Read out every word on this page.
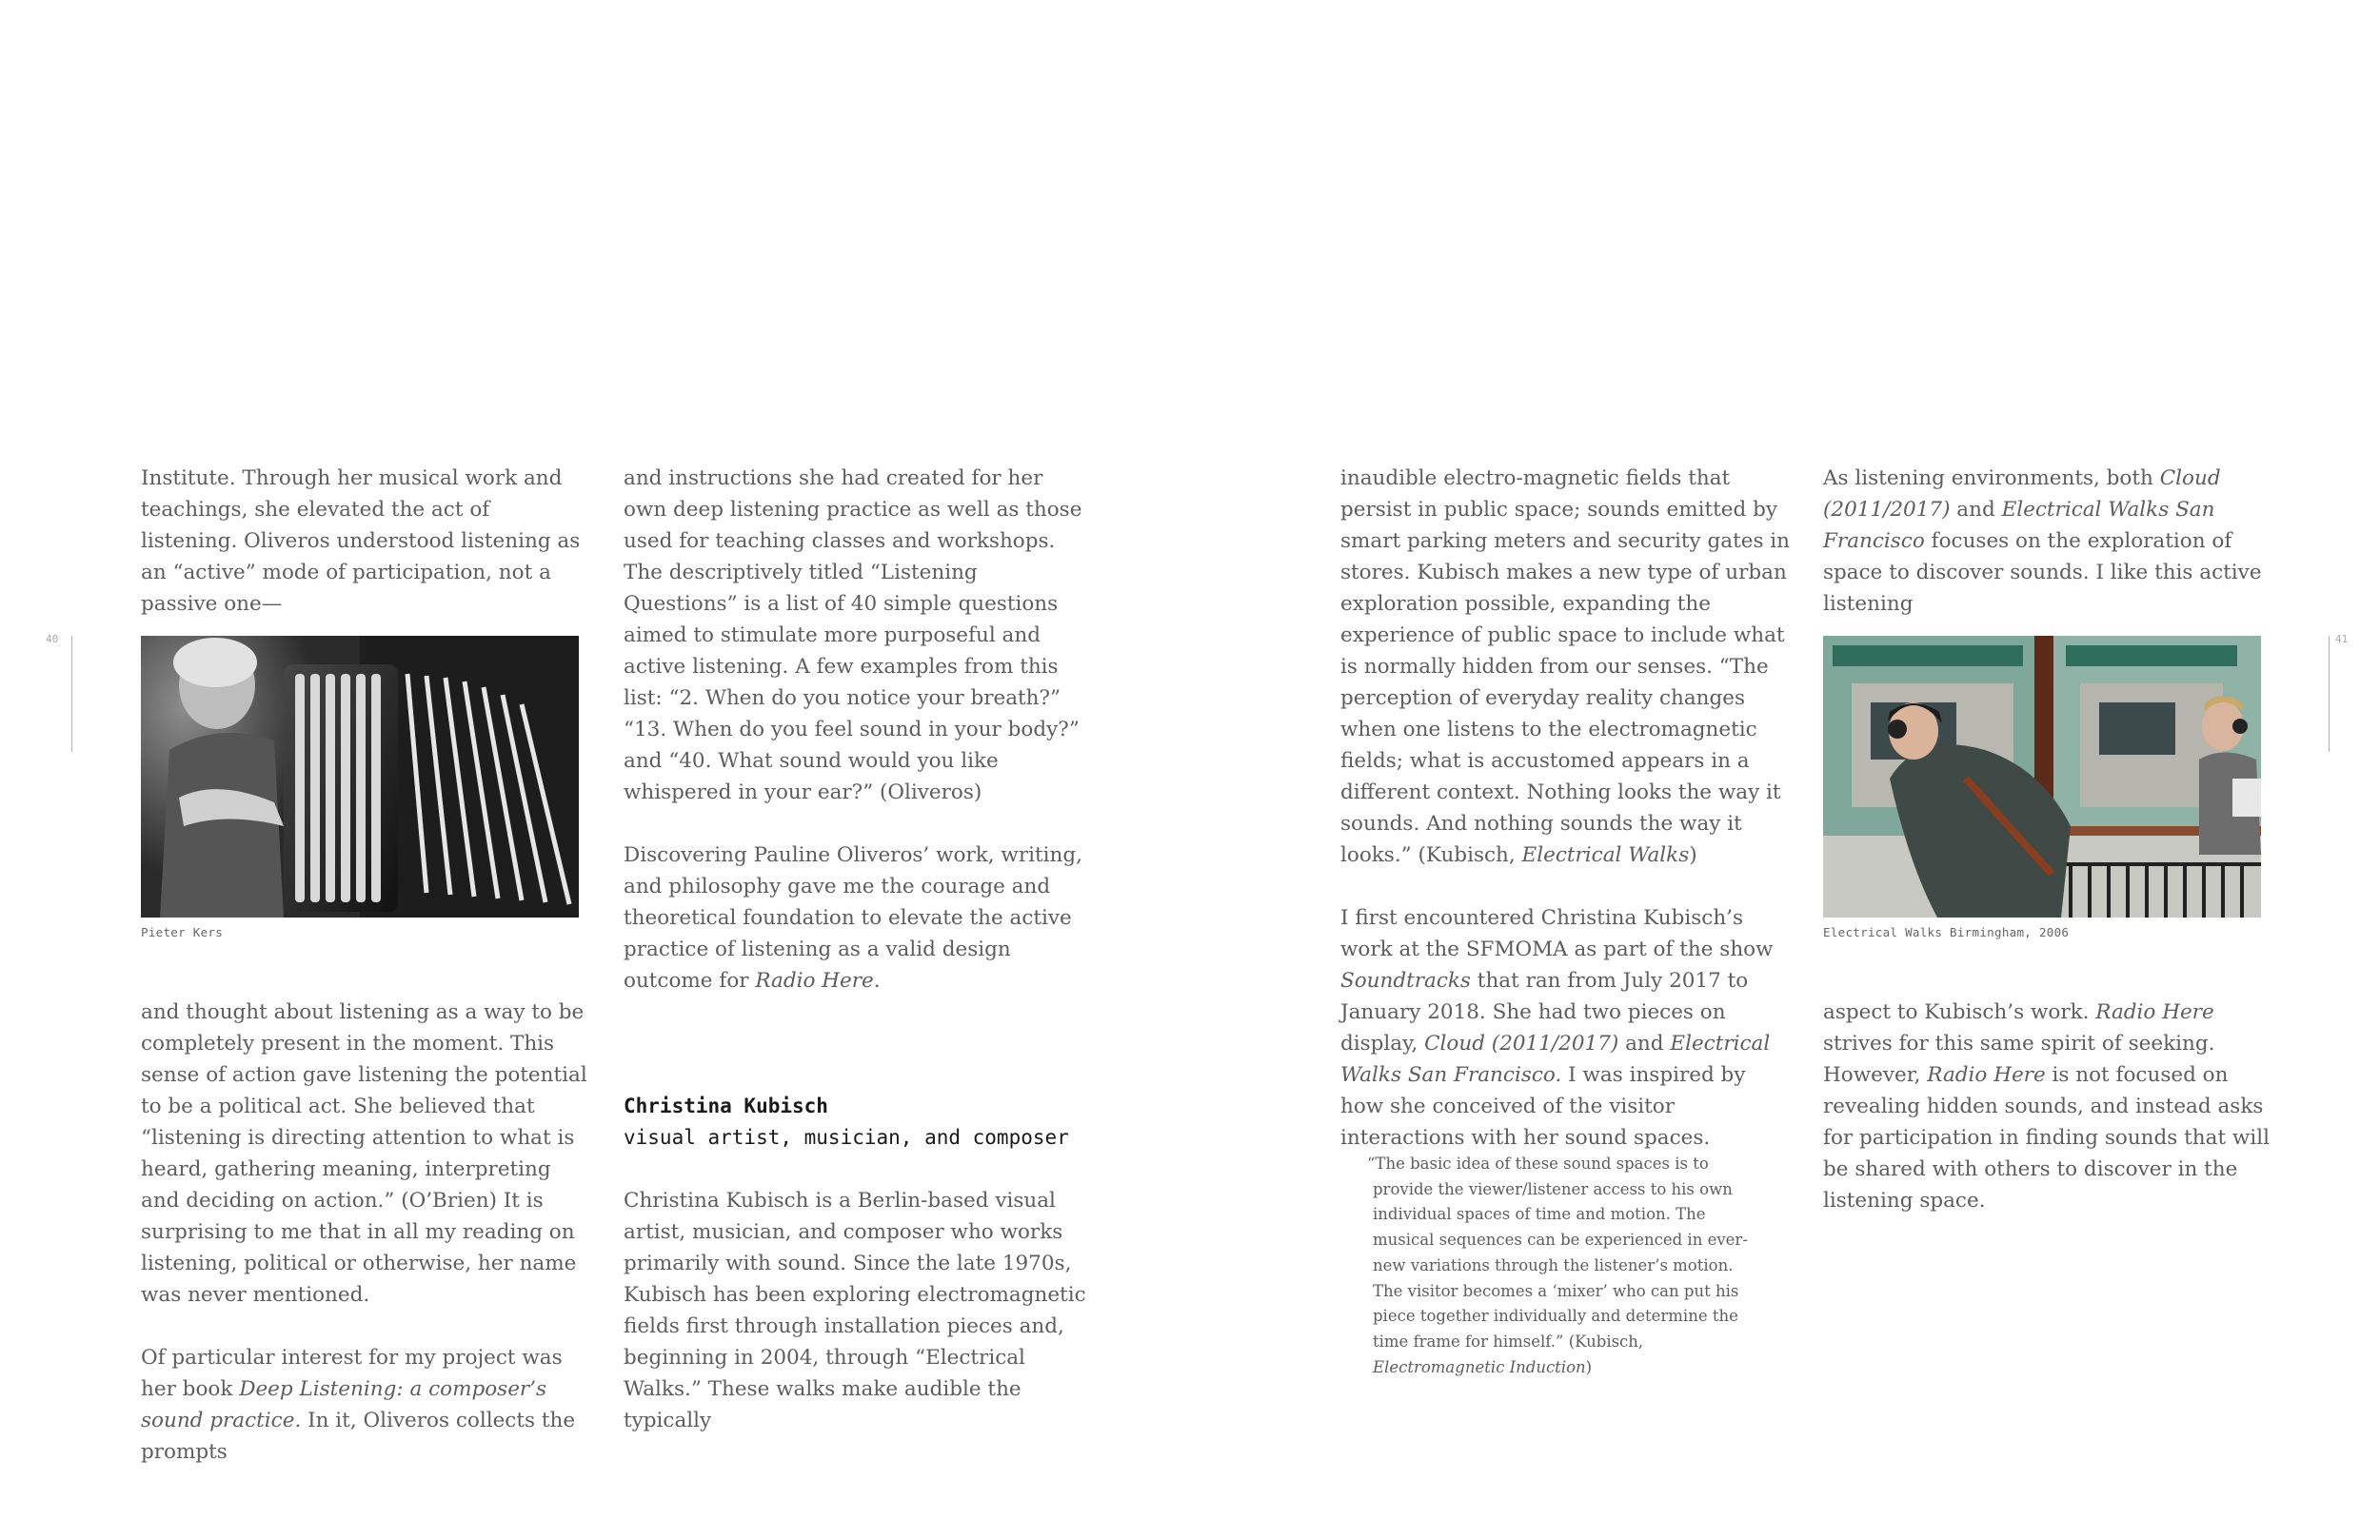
40	41

Institute. Through her musical work and teachings, she elevated the act of listening. Oliveros understood listening as an “active” mode of participation, not a passive one—

Pieter Kers

and thought about listening as a way to be completely present in the moment. This sense of action gave listening the potential to be a political act. She believed that “listening is directing attention to what is heard, gathering meaning, interpreting and deciding on action.” (O’Brien) It is surprising to me that in all my reading on listening, political or otherwise, her name was never mentioned.

Of particular interest for my project was her book Deep Listening: a composer’s sound practice. In it, Oliveros collects the prompts

and instructions she had created for her own deep listening practice as well as those used for teaching classes and workshops. The descriptively titled “Listening Questions” is a list of 40 simple questions aimed to stimulate more purposeful and active listening. A few examples from this list: “2. When do you notice your breath?” “13. When do you feel sound in your body?” and “40. What sound would you like whispered in your ear?” (Oliveros)

Discovering Pauline Oliveros’ work, writing, and philosophy gave me the courage and theoretical foundation to elevate the active practice of listening as a valid design outcome for Radio Here.

Christina Kubisch
visual artist, musician, and composer

Christina Kubisch is a Berlin-based visual artist, musician, and composer who works primarily with sound. Since the late 1970s, Kubisch has been exploring electromagnetic fields first through installation pieces and, beginning in 2004, through “Electrical Walks.” These walks make audible the typically

inaudible electro-magnetic fields that persist in public space; sounds emitted by smart parking meters and security gates in stores. Kubisch makes a new type of urban exploration possible, expanding the experience of public space to include what is normally hidden from our senses. “The perception of everyday reality changes when one listens to the electromagnetic fields; what is accustomed appears in a different context. Nothing looks the way it sounds. And nothing sounds the way it looks.” (Kubisch, Electrical Walks)

I first encountered Christina Kubisch’s work at the SFMOMA as part of the show Soundtracks that ran from July 2017 to January 2018. She had two pieces on display, Cloud (2011/2017) and Electrical Walks San Francisco. I was inspired by how she conceived of the visitor interactions with her sound spaces.

“The basic idea of these sound spaces is to provide the viewer/listener access to his own individual spaces of time and motion. The musical sequences can be experienced in ever-new variations through the listener’s motion. The visitor becomes a ‘mixer’ who can put his piece together individually and determine the time frame for himself.” (Kubisch, Electromagnetic Induction)

As listening environments, both Cloud (2011/2017) and Electrical Walks San Francisco focuses on the exploration of space to discover sounds. I like this active listening

Electrical Walks Birmingham, 2006

aspect to Kubisch’s work. Radio Here strives for this same spirit of seeking. However, Radio Here is not focused on revealing hidden sounds, and instead asks for participation in finding sounds that will be shared with others to discover in the listening space.
